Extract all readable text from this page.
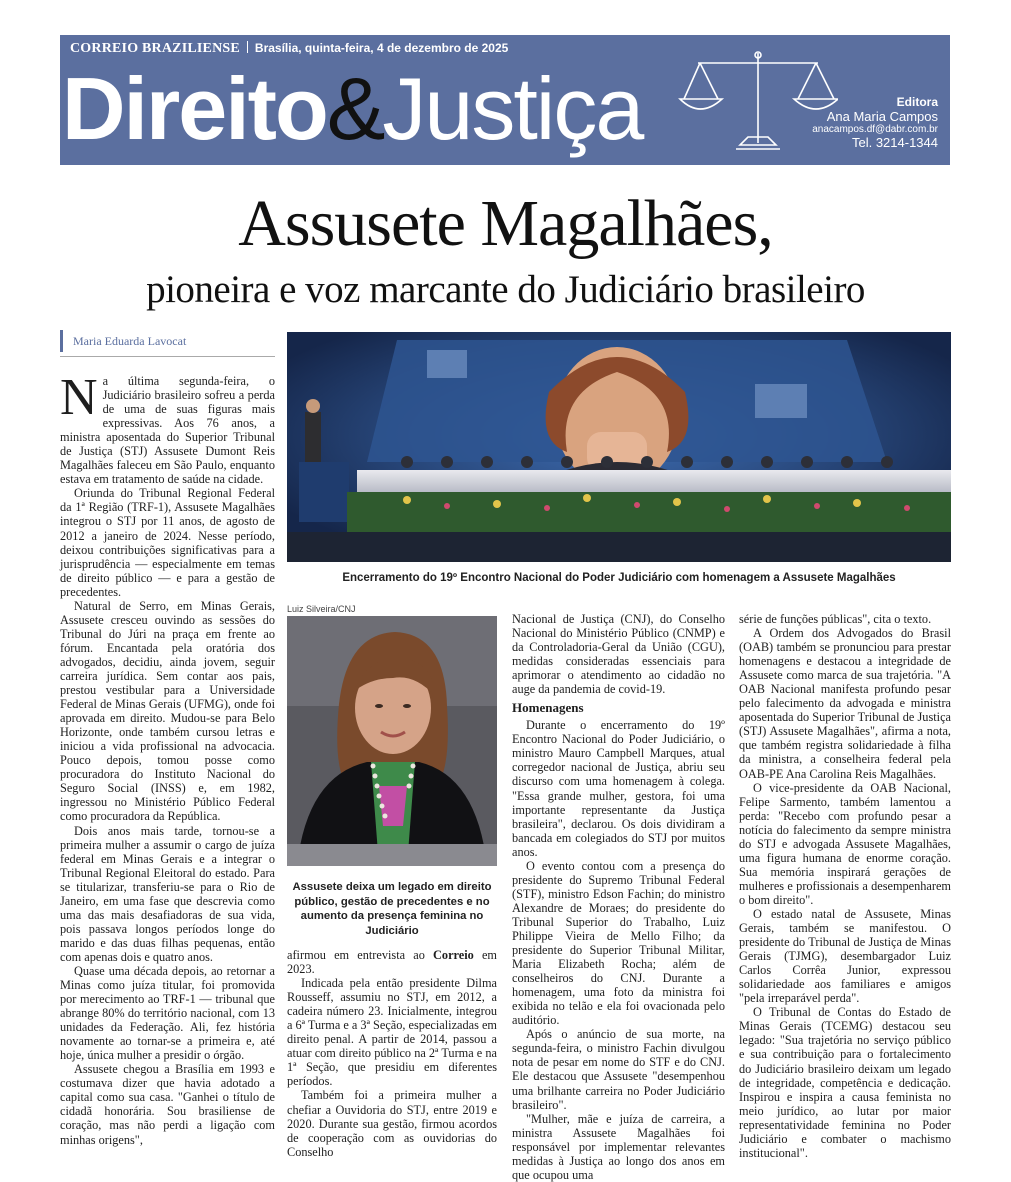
CORREIO BRAZILIENSE Brasília, quinta-feira, 4 de dezembro de 2025
Direito&Justiça	Editora
Ana Maria Campos
anacampos.df@dabr.com.br
Tel. 3214-1344
Assusete Magalhães,
pioneira e voz marcante do Judiciário brasileiro
Maria Eduarda Lavocat
Encerramento do 19º Encontro Nacional do Poder Judiciário com homenagem a Assusete Magalhães
Luiz Silveira/CNJ
Assusete deixa um legado em direito público, gestão de precedentes e no aumento da presença feminina no Judiciário

Na última segunda-feira, o Judiciário brasileiro sofreu a perda de uma de suas figuras mais expressivas. Aos 76 anos, a ministra aposentada do Superior Tribunal de Justiça (STJ) Assusete Dumont Reis Magalhães faleceu em São Paulo, enquanto estava em tratamento de saúde na cidade.

Oriunda do Tribunal Regional Federal da 1ª Região (TRF-1), Assusete Magalhães integrou o STJ por 11 anos, de agosto de 2012 a janeiro de 2024. Nesse período, deixou contribuições significativas para a jurisprudência — especialmente em temas de direito público — e para a gestão de precedentes.

Natural de Serro, em Minas Gerais, Assusete cresceu ouvindo as sessões do Tribunal do Júri na praça em frente ao fórum. Encantada pela oratória dos advogados, decidiu, ainda jovem, seguir carreira jurídica. Sem contar aos pais, prestou vestibular para a Universidade Federal de Minas Gerais (UFMG), onde foi aprovada em direito. Mudou-se para Belo Horizonte, onde também cursou letras e iniciou a vida profissional na advocacia. Pouco depois, tomou posse como procuradora do Instituto Nacional do Seguro Social (INSS) e, em 1982, ingressou no Ministério Público Federal como procuradora da República.

Dois anos mais tarde, tornou-se a primeira mulher a assumir o cargo de juíza federal em Minas Gerais e a integrar o Tribunal Regional Eleitoral do estado. Para se titularizar, transferiu-se para o Rio de Janeiro, em uma fase que descrevia como uma das mais desafiadoras de sua vida, pois passava longos períodos longe do marido e das duas filhas pequenas, então com apenas dois e quatro anos.

Quase uma década depois, ao retornar a Minas como juíza titular, foi promovida por merecimento ao TRF-1 — tribunal que abrange 80% do território nacional, com 13 unidades da Federação. Ali, fez história novamente ao tornar-se a primeira e, até hoje, única mulher a presidir o órgão.

Assusete chegou a Brasília em 1993 e costumava dizer que havia adotado a capital como sua casa. "Ganhei o título de cidadã honorária. Sou brasiliense de coração, mas não perdi a ligação com minhas origens",

afirmou em entrevista ao Correio em 2023.

Indicada pela então presidente Dilma Rousseff, assumiu no STJ, em 2012, a cadeira número 23. Inicialmente, integrou a 6ª Turma e a 3ª Seção, especializadas em direito penal. A partir de 2014, passou a atuar com direito público na 2ª Turma e na 1ª Seção, que presidiu em diferentes períodos.

Também foi a primeira mulher a chefiar a Ouvidoria do STJ, entre 2019 e 2020. Durante sua gestão, firmou acordos de cooperação com as ouvidorias do Conselho

Nacional de Justiça (CNJ), do Conselho Nacional do Ministério Público (CNMP) e da Controladoria-Geral da União (CGU), medidas consideradas essenciais para aprimorar o atendimento ao cidadão no auge da pandemia de covid-19.

Homenagens

Durante o encerramento do 19º Encontro Nacional do Poder Judiciário, o ministro Mauro Campbell Marques, atual corregedor nacional de Justiça, abriu seu discurso com uma homenagem à colega. "Essa grande mulher, gestora, foi uma importante representante da Justiça brasileira", declarou. Os dois dividiram a bancada em colegiados do STJ por muitos anos.

O evento contou com a presença do presidente do Supremo Tribunal Federal (STF), ministro Edson Fachin; do ministro Alexandre de Moraes; do presidente do Tribunal Superior do Trabalho, Luiz Philippe Vieira de Mello Filho; da presidente do Superior Tribunal Militar, Maria Elizabeth Rocha; além de conselheiros do CNJ. Durante a homenagem, uma foto da ministra foi exibida no telão e ela foi ovacionada pelo auditório.

Após o anúncio de sua morte, na segunda-feira, o ministro Fachin divulgou nota de pesar em nome do STF e do CNJ. Ele destacou que Assusete "desempenhou uma brilhante carreira no Poder Judiciário brasileiro".

"Mulher, mãe e juíza de carreira, a ministra Assusete Magalhães foi responsável por implementar relevantes medidas à Justiça ao longo dos anos em que ocupou uma

série de funções públicas", cita o texto.

A Ordem dos Advogados do Brasil (OAB) também se pronunciou para prestar homenagens e destacou a integridade de Assusete como marca de sua trajetória. "A OAB Nacional manifesta profundo pesar pelo falecimento da advogada e ministra aposentada do Superior Tribunal de Justiça (STJ) Assusete Magalhães", afirma a nota, que também registra solidariedade à filha da ministra, a conselheira federal pela OAB-PE Ana Carolina Reis Magalhães.

O vice-presidente da OAB Nacional, Felipe Sarmento, também lamentou a perda: "Recebo com profundo pesar a notícia do falecimento da sempre ministra do STJ e advogada Assusete Magalhães, uma figura humana de enorme coração. Sua memória inspirará gerações de mulheres e profissionais a desempenharem o bom direito".

O estado natal de Assusete, Minas Gerais, também se manifestou. O presidente do Tribunal de Justiça de Minas Gerais (TJMG), desembargador Luiz Carlos Corrêa Junior, expressou solidariedade aos familiares e amigos "pela irreparável perda".

O Tribunal de Contas do Estado de Minas Gerais (TCEMG) destacou seu legado: "Sua trajetória no serviço público e sua contribuição para o fortalecimento do Judiciário brasileiro deixam um legado de integridade, competência e dedicação. Inspirou e inspira a causa feminista no meio jurídico, ao lutar por maior representatividade feminina no Poder Judiciário e combater o machismo institucional".
